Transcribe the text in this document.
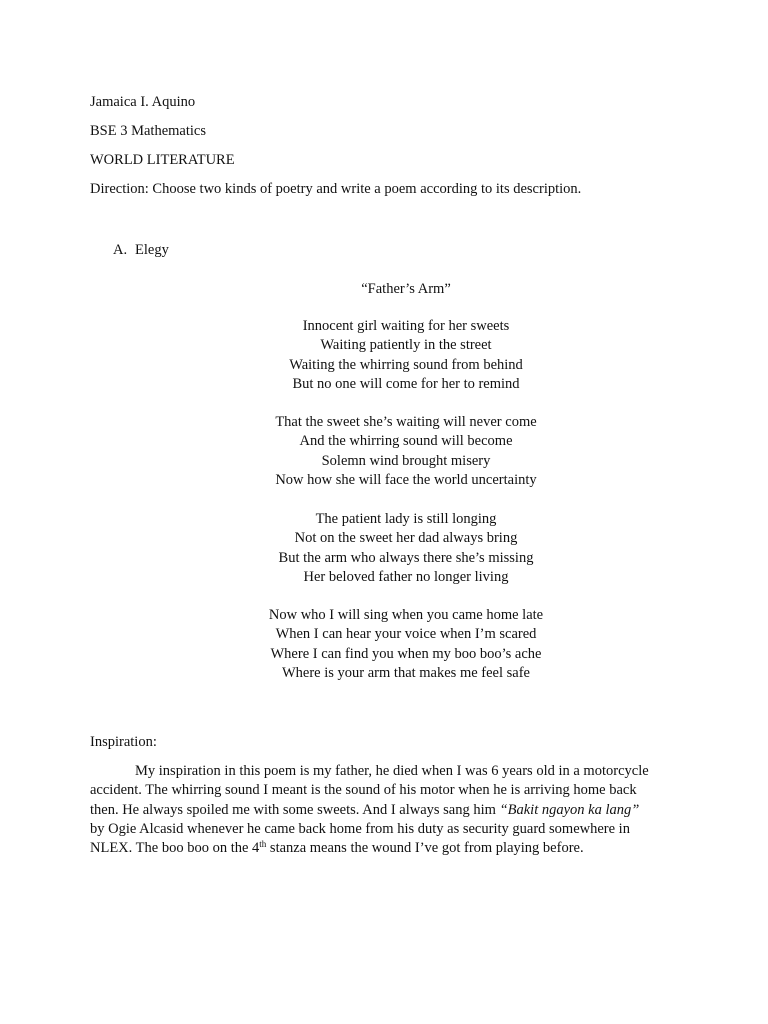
Jamaica I. Aquino
BSE 3 Mathematics
WORLD LITERATURE
Direction: Choose two kinds of poetry and write a poem according to its description.
A. Elegy
“Father’s Arm”
Innocent girl waiting for her sweets
Waiting patiently in the street
Waiting the whirring sound from behind
But no one will come for her to remind
That the sweet she’s waiting will never come
And the whirring sound will become
Solemn wind brought misery
Now how she will face the world uncertainty
The patient lady is still longing
Not on the sweet her dad always bring
But the arm who always there she’s missing
Her beloved father no longer living
Now who I will sing when you came home late
When I can hear your voice when I’m scared
Where I can find you when my boo boo’s ache
Where is your arm that makes me feel safe
Inspiration:
My inspiration in this poem is my father, he died when I was 6 years old in a motorcycle
accident. The whirring sound I meant is the sound of his motor when he is arriving home back
then. He always spoiled me with some sweets. And I always sang him “Bakit ngayon ka lang”
by Ogie Alcasid whenever he came back home from his duty as security guard somewhere in
NLEX. The boo boo on the 4th stanza means the wound I’ve got from playing before.
